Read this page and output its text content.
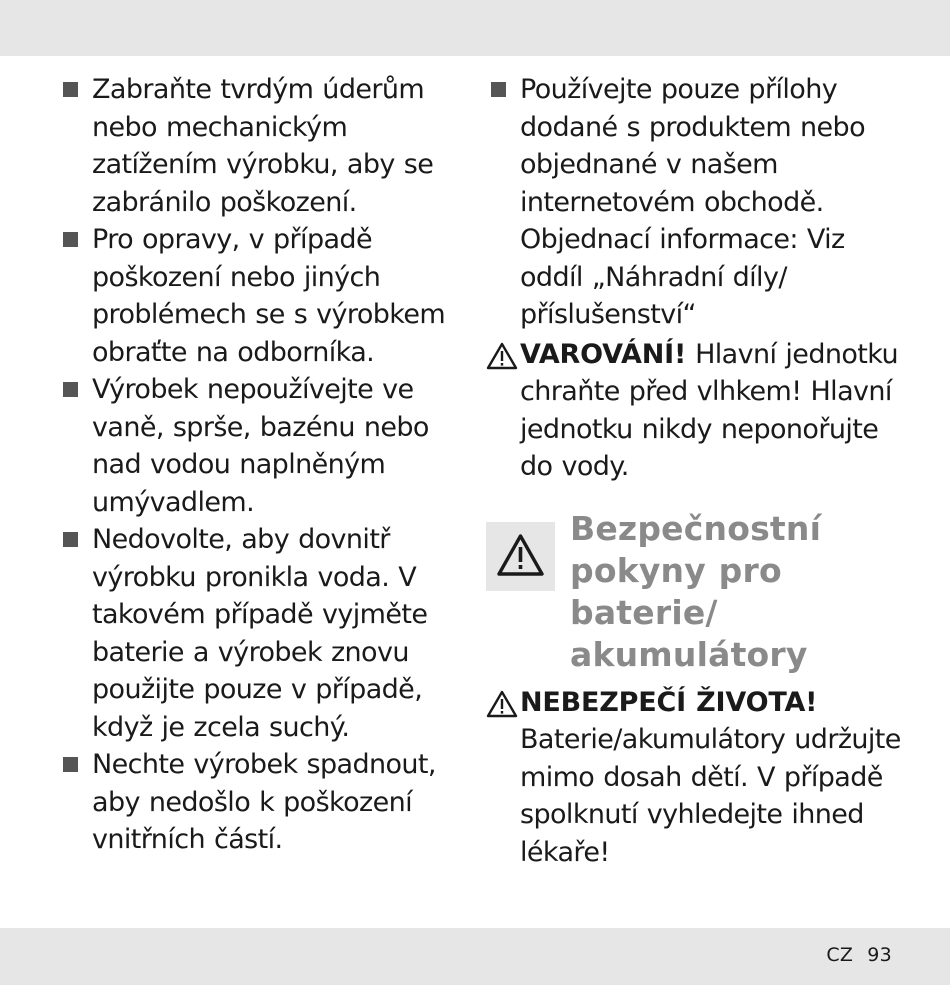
Zabraňte tvrdým úderům nebo mechanickým zatížením výrobku, aby se zabránilo poškození.
Pro opravy, v případě poškození nebo jiných problémech se s výrobkem obraťte na odborníka.
Výrobek nepoužívejte ve vaně, sprše, bazénu nebo nad vodou naplněným umývadlem.
Nedovolte, aby dovnitř výrobku pronikla voda. V takovém případě vyjměte baterie a výrobek znovu použijte pouze v případě, když je zcela suchý.
Nechte výrobek spadnout, aby nedošlo k poškození vnitřních částí.
Používejte pouze přílohy dodané s produktem nebo objednané v našem internetovém obchodě. Objednací informace: Viz oddíl „Náhradní díly/ příslušenství“
VAROVÁNÍ! Hlavní jednotku chraňte před vlhkem! Hlavní jednotku nikdy neponořujte do vody.
Bezpečnostní pokyny pro baterie/ akumulátory
NEBEZPEČÍ ŽIVOTA!
Baterie/akumulátory udržujte mimo dosah dětí. V případě spolknutí vyhledejte ihned lékaře!
CZ 93
